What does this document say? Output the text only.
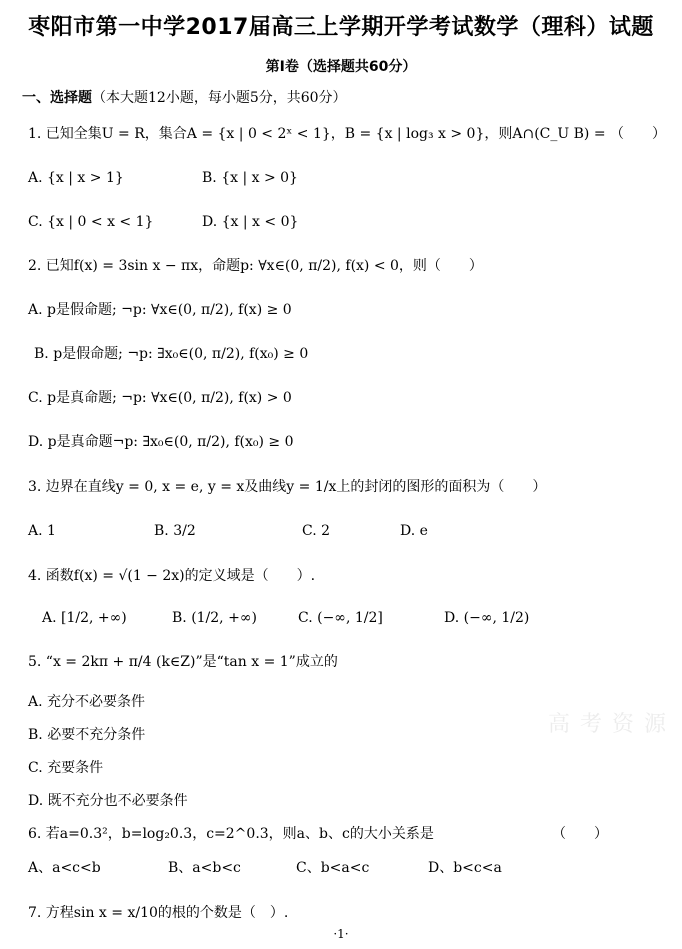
枣阳市第一中学2017届高三上学期开学考试数学（理科）试题
第Ⅰ卷（选择题共60分）
一、选择题（本大题12小题，每小题5分，共60分）
1. 已知全集U = R，集合A = {x | 0 < 2ˣ < 1}，B = {x | log₃ x > 0}，则A∩(C_U B) = （　　）
A. {x | x > 1}	B. {x | x > 0}
C. {x | 0 < x < 1}	D. {x | x < 0}
2. 已知f(x) = 3sin x − πx，命题p: ∀x∈(0, π/2), f(x) < 0，则（　　）
A. p是假命题; ¬p: ∀x∈(0, π/2), f(x) ≥ 0
B. p是假命题; ¬p: ∃x₀∈(0, π/2), f(x₀) ≥ 0
C. p是真命题; ¬p: ∀x∈(0, π/2), f(x) > 0
D. p是真命题¬p: ∃x₀∈(0, π/2), f(x₀) ≥ 0
3. 边界在直线y = 0, x = e, y = x及曲线y = 1/x上的封闭的图形的面积为（　　）
A. 1	B. 3/2	C. 2	D. e
4. 函数f(x) = √(1 − 2x)的定义域是（　　）.
A. [1/2, +∞)	B. (1/2, +∞)	C. (−∞, 1/2]	D. (−∞, 1/2)
5. “x = 2kπ + π/4 (k∈Z)”是“tan x = 1”成立的
A. 充分不必要条件
B. 必要不充分条件
C. 充要条件
D. 既不充分也不必要条件
高考资源
6. 若a=0.3²，b=log₂0.3，c=2^0.3，则a、b、c的大小关系是	（　　）
A、a<c<b	B、a<b<c	C、b<a<c	D、b<c<a
7. 方程sin x = x/10的根的个数是（　）.
·1·
